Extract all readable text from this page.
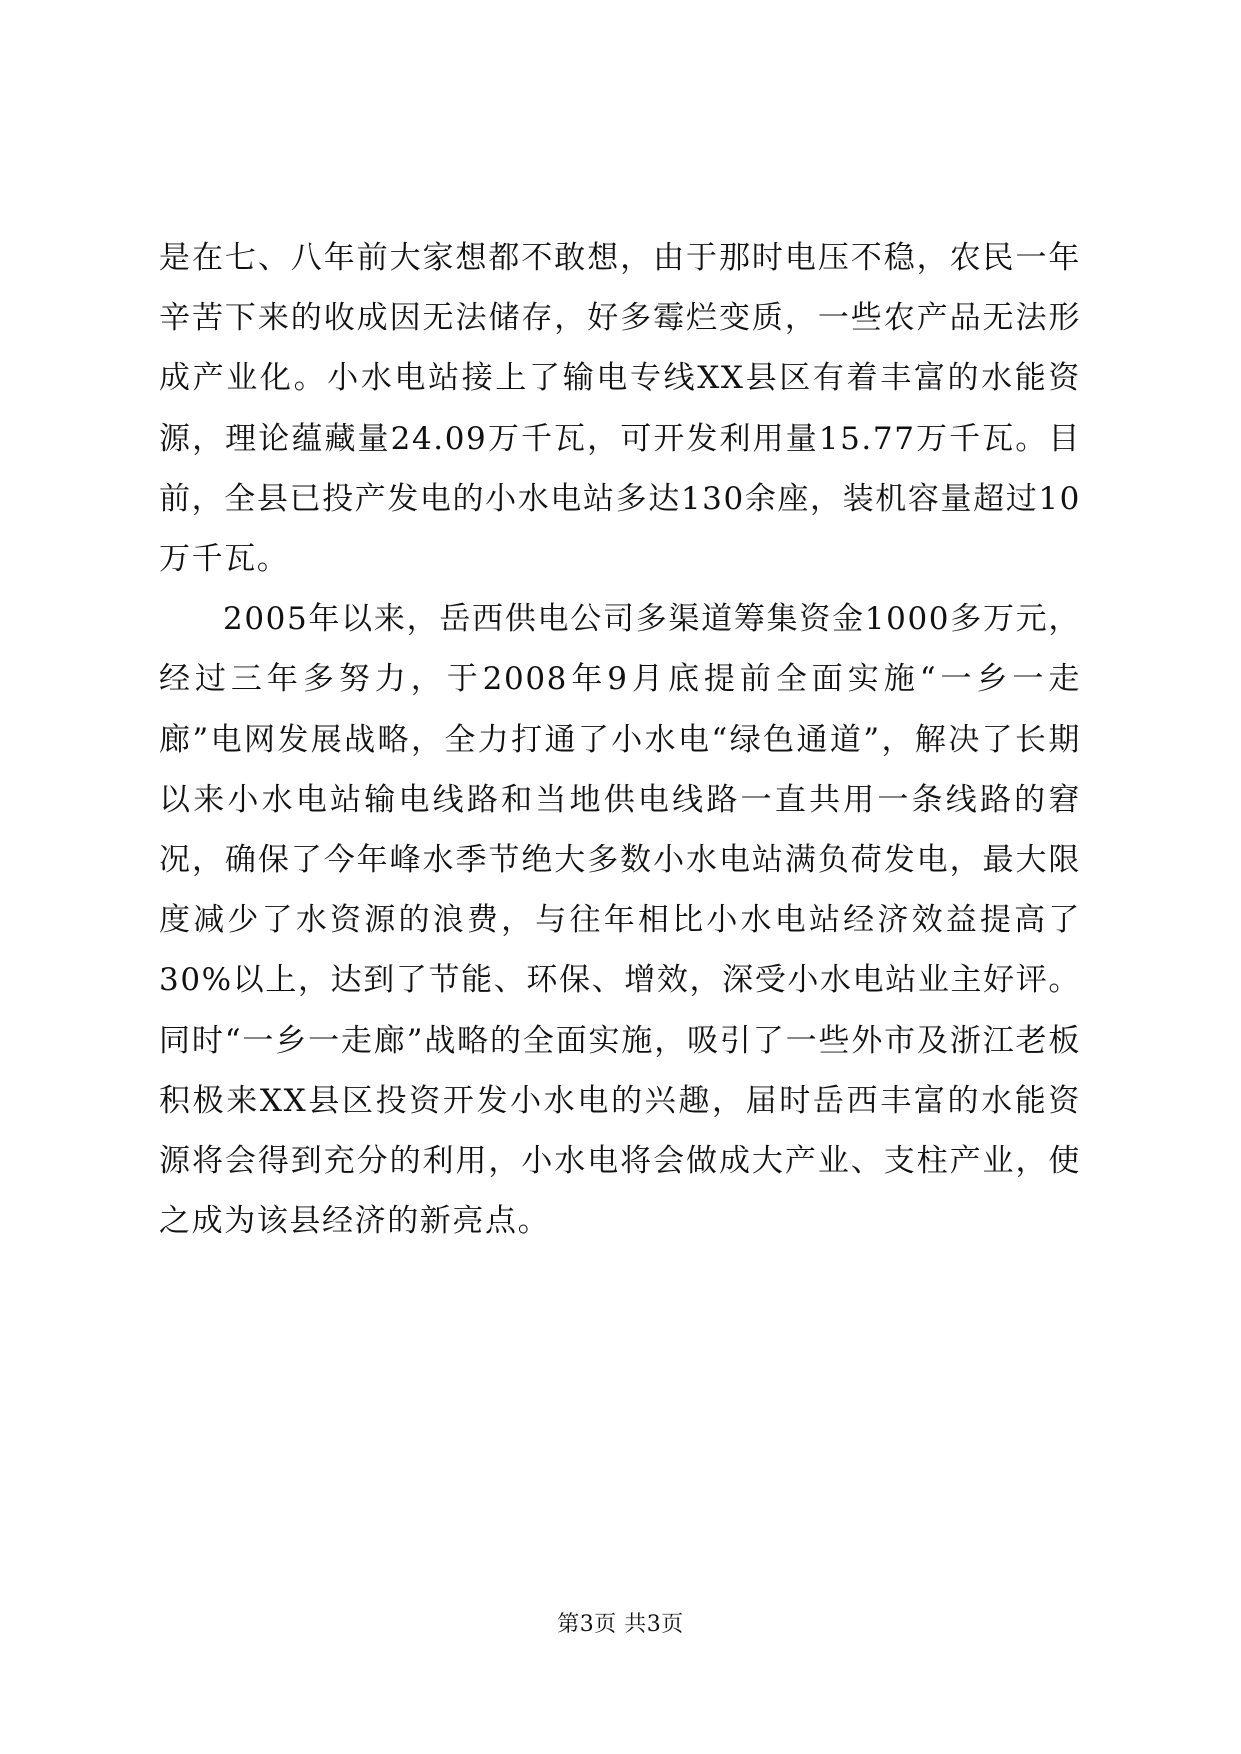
是在七、八年前大家想都不敢想，由于那时电压不稳，农民一年辛苦下来的收成因无法储存，好多霉烂变质，一些农产品无法形成产业化。小水电站接上了输电专线XX县区有着丰富的水能资源，理论蕴藏量24.09万千瓦，可开发利用量15.77万千瓦。目前，全县已投产发电的小水电站多达130余座，装机容量超过10万千瓦。

2005年以来，岳西供电公司多渠道筹集资金1000多万元，经过三年多努力，于2008年9月底提前全面实施“一乡一走廊”电网发展战略，全力打通了小水电“绿色通道”，解决了长期以来小水电站输电线路和当地供电线路一直共用一条线路的窘况，确保了今年峰水季节绝大多数小水电站满负荷发电，最大限度减少了水资源的浪费，与往年相比小水电站经济效益提高了30%以上，达到了节能、环保、增效，深受小水电站业主好评。同时“一乡一走廊”战略的全面实施，吸引了一些外市及浙江老板积极来XX县区投资开发小水电的兴趣，届时岳西丰富的水能资源将会得到充分的利用，小水电将会做成大产业、支柱产业，使之成为该县经济的新亮点。

第3页 共3页
